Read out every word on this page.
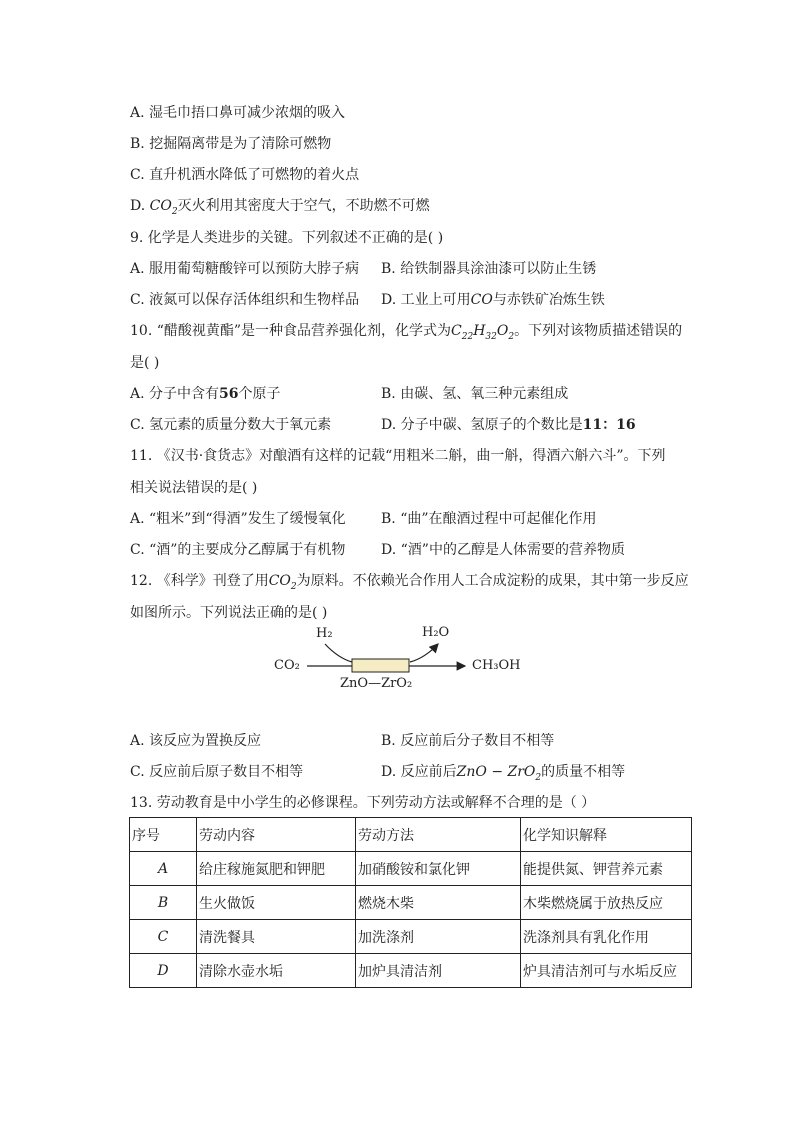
A. 湿毛巾捂口鼻可减少浓烟的吸入
B. 挖掘隔离带是为了清除可燃物
C. 直升机洒水降低了可燃物的着火点
D. $CO_2$灭火利用其密度大于空气，不助燃不可燃
9. 化学是人类进步的关键。下列叙述不正确的是( )
A. 服用葡萄糖酸锌可以预防大脖子病 B. 给铁制器具涂油漆可以防止生锈
C. 液氮可以保存活体组织和生物样品 D. 工业上可用CO与赤铁矿冶炼生铁
10. “醋酸视黄酯”是一种食品营养强化剂，化学式为$C_{22}H_{32}O_2$。下列对该物质描述错误的
是( )
A. 分子中含有56个原子	B. 由碳、氢、氧三种元素组成
C. 氢元素的质量分数大于氧元素	D. 分子中碳、氢原子的个数比是11：16
11. 《汉书·食货志》对酿酒有这样的记载“用粗米二斛，曲一斛，得酒六斛六斗”。下列
相关说法错误的是( )
A. “粗米”到“得酒”发生了缓慢氧化	B. “曲”在酿酒过程中可起催化作用
C. “酒”的主要成分乙醇属于有机物	D. “酒”中的乙醇是人体需要的营养物质
12. 《科学》刊登了用$CO_2$为原料。不依赖光合作用人工合成淀粉的成果，其中第一步反应
如图所示。下列说法正确的是( )
H₂	H₂O
CO₂	CH₃OH
ZnO—ZrO₂
A. 该反应为置换反应	B. 反应前后分子数目不相等
C. 反应前后原子数目不相等	D. 反应前后ZnO − ZrO$_2$的质量不相等
13. 劳动教育是中小学生的必修课程。下列劳动方法或解释不合理的是（ ）
序号	劳动内容	劳动方法	化学知识解释
A	给庄稼施氮肥和钾肥	加硝酸铵和氯化钾	能提供氮、钾营养元素
B	生火做饭	燃烧木柴	木柴燃烧属于放热反应
C	清洗餐具	加洗涤剂	洗涤剂具有乳化作用
D	清除水壶水垢	加炉具清洁剂	炉具清洁剂可与水垢反应
